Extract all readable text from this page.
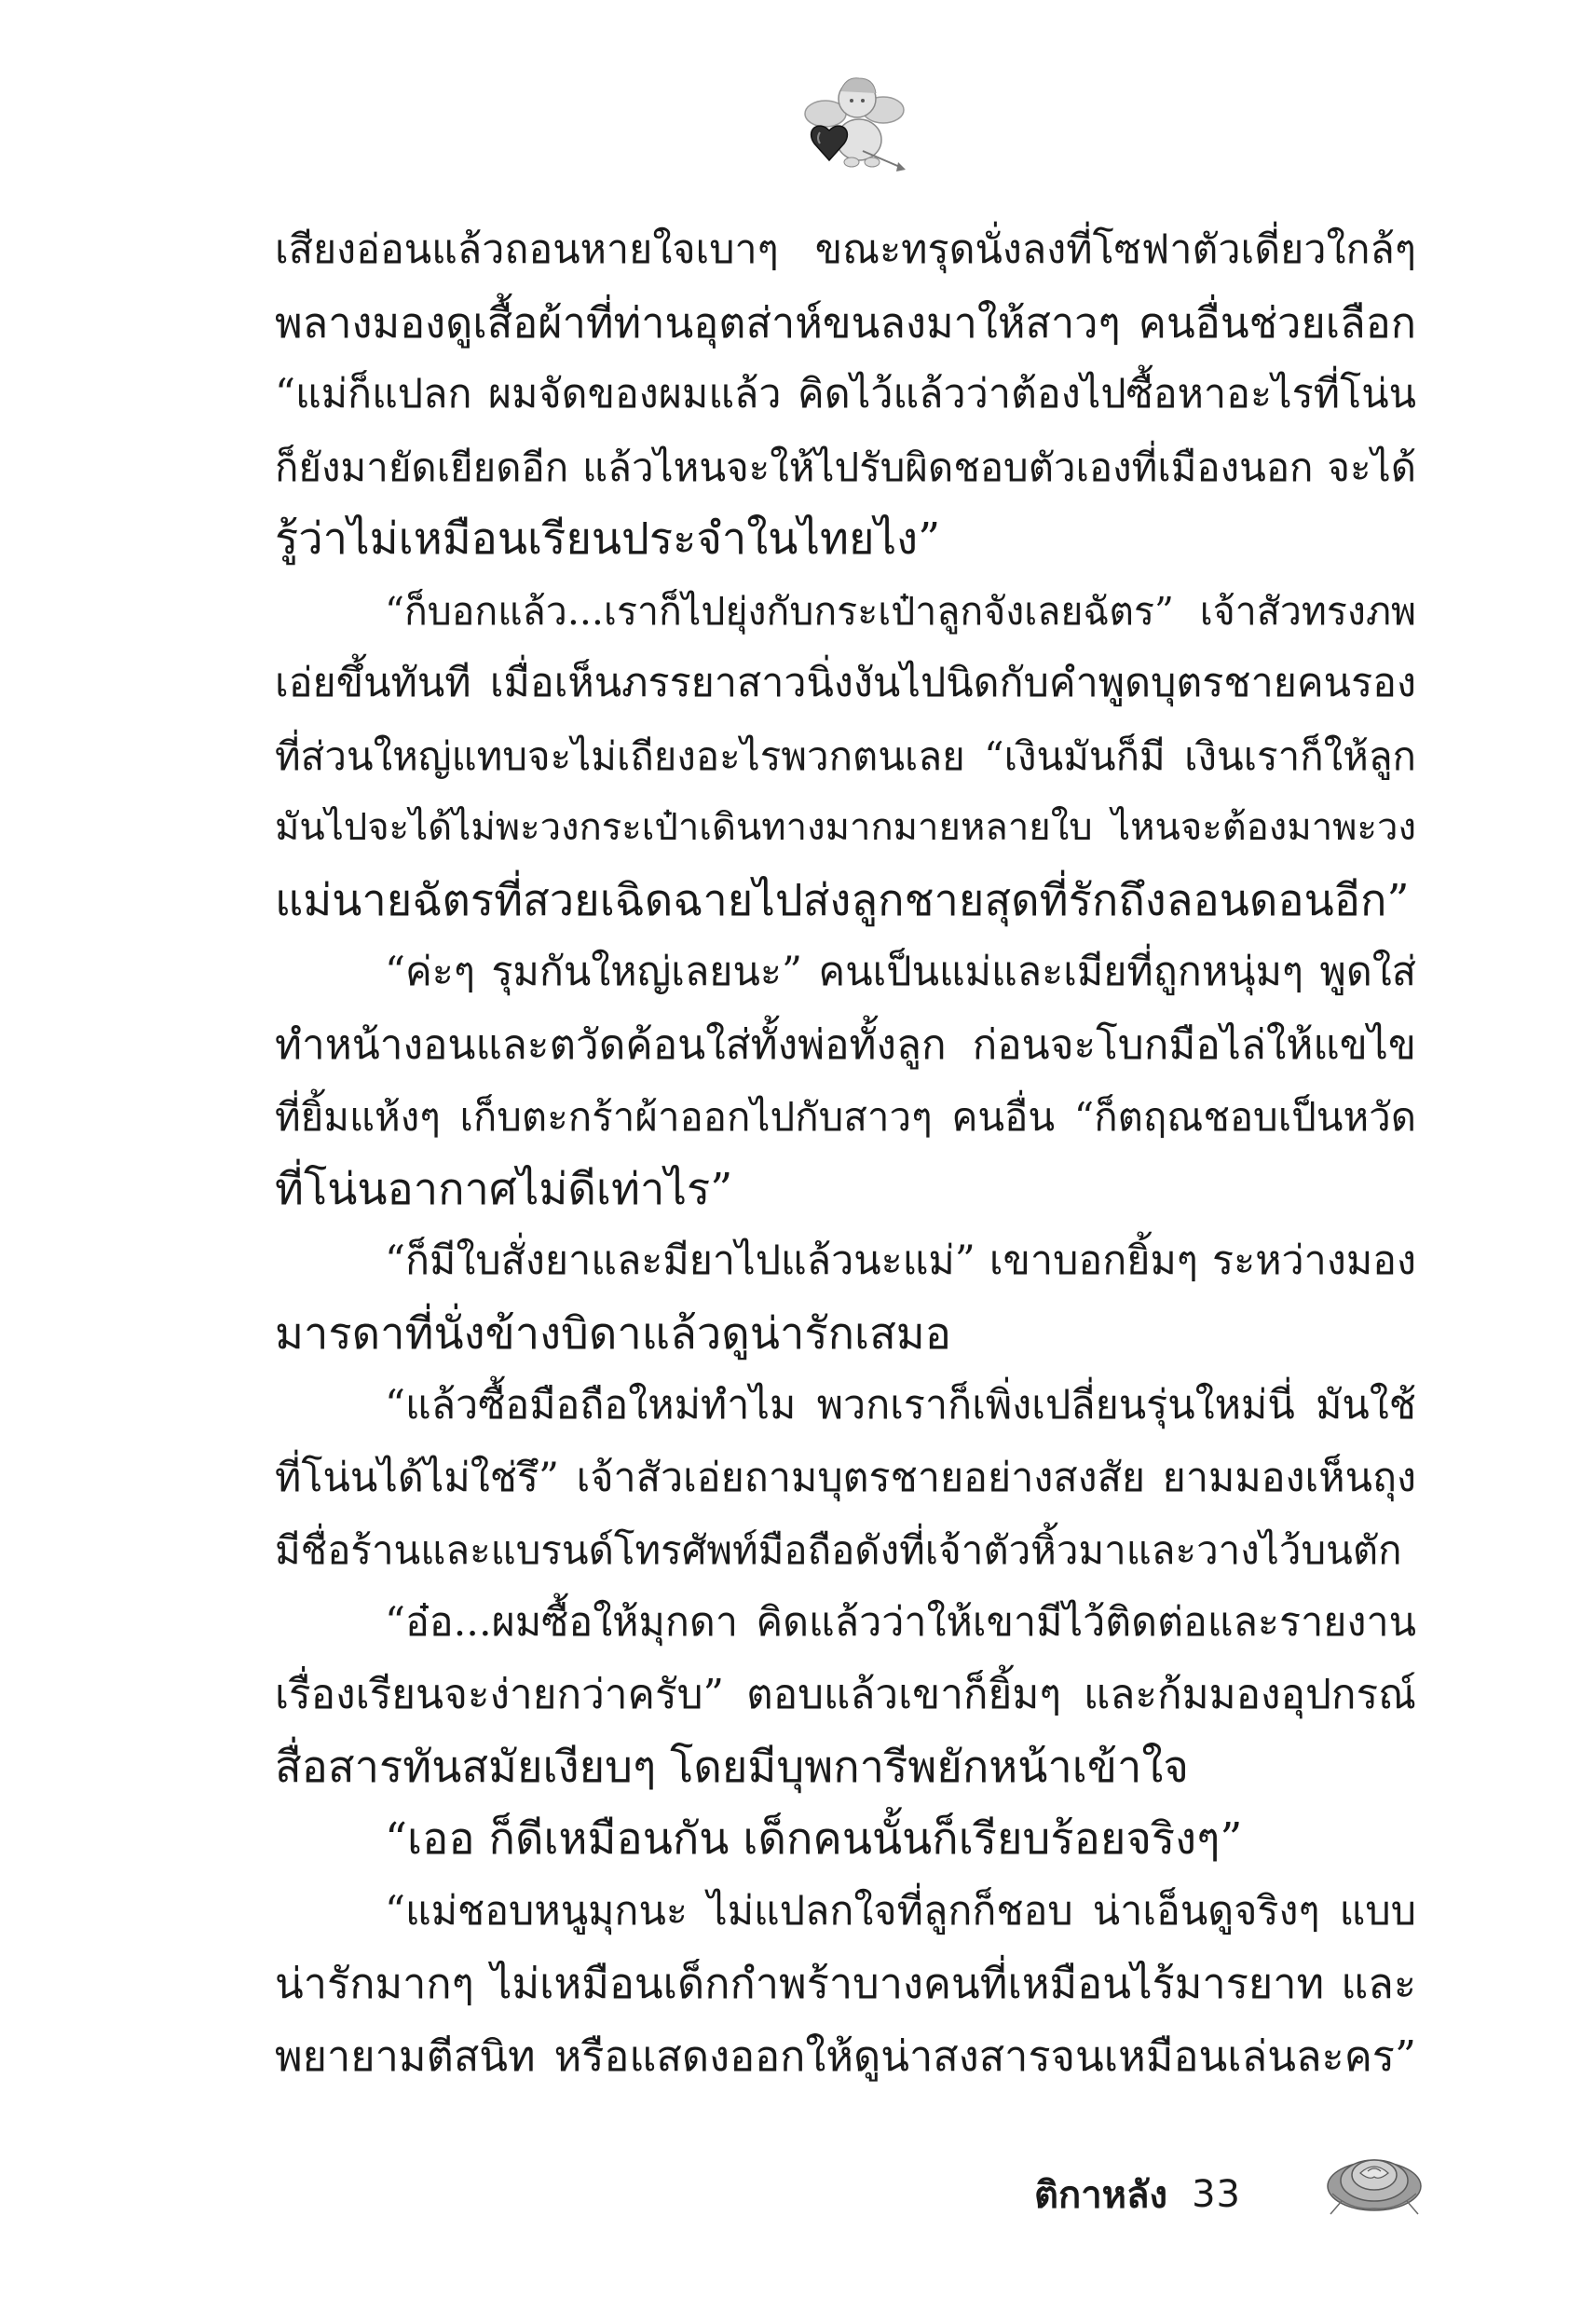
เสียงอ่อนแล้วถอนหายใจเบาๆ ขณะทรุดนั่งลงที่โซฟาตัวเดี่ยวใกล้ๆ
พลางมองดูเสื้อผ้าที่ท่านอุตส่าห์ขนลงมาให้สาวๆ คนอื่นช่วยเลือก
“แม่ก็แปลก ผมจัดของผมแล้ว คิดไว้แล้วว่าต้องไปซื้อหาอะไรที่โน่น
ก็ยังมายัดเยียดอีก แล้วไหนจะให้ไปรับผิดชอบตัวเองที่เมืองนอก จะได้
รู้ว่าไม่เหมือนเรียนประจำในไทยไง”
“ก็บอกแล้ว...เราก็ไปยุ่งกับกระเป๋าลูกจังเลยฉัตร” เจ้าสัวทรงภพ
เอ่ยขึ้นทันที เมื่อเห็นภรรยาสาวนิ่งงันไปนิดกับคำพูดบุตรชายคนรอง
ที่ส่วนใหญ่แทบจะไม่เถียงอะไรพวกตนเลย “เงินมันก็มี เงินเราก็ให้ลูก
มันไปจะได้ไม่พะวงกระเป๋าเดินทางมากมายหลายใบ ไหนจะต้องมาพะวง
แม่นายฉัตรที่สวยเฉิดฉายไปส่งลูกชายสุดที่รักถึงลอนดอนอีก”
“ค่ะๆ รุมกันใหญ่เลยนะ” คนเป็นแม่และเมียที่ถูกหนุ่มๆ พูดใส่
ทำหน้างอนและตวัดค้อนใส่ทั้งพ่อทั้งลูก ก่อนจะโบกมือไล่ให้แขไข
ที่ยิ้มแห้งๆ เก็บตะกร้าผ้าออกไปกับสาวๆ คนอื่น “ก็ตฤณชอบเป็นหวัด
ที่โน่นอากาศไม่ดีเท่าไร”
“ก็มีใบสั่งยาและมียาไปแล้วนะแม่” เขาบอกยิ้มๆ ระหว่างมอง
มารดาที่นั่งข้างบิดาแล้วดูน่ารักเสมอ
“แล้วซื้อมือถือใหม่ทำไม พวกเราก็เพิ่งเปลี่ยนรุ่นใหม่นี่ มันใช้
ที่โน่นได้ไม่ใช่รึ” เจ้าสัวเอ่ยถามบุตรชายอย่างสงสัย ยามมองเห็นถุง
มีชื่อร้านและแบรนด์โทรศัพท์มือถือดังที่เจ้าตัวหิ้วมาและวางไว้บนตัก
“อ๋อ...ผมซื้อให้มุกดา คิดแล้วว่าให้เขามีไว้ติดต่อและรายงาน
เรื่องเรียนจะง่ายกว่าครับ” ตอบแล้วเขาก็ยิ้มๆ และก้มมองอุปกรณ์
สื่อสารทันสมัยเงียบๆ โดยมีบุพการีพยักหน้าเข้าใจ
“เออ ก็ดีเหมือนกัน เด็กคนนั้นก็เรียบร้อยจริงๆ”
“แม่ชอบหนูมุกนะ ไม่แปลกใจที่ลูกก็ชอบ น่าเอ็นดูจริงๆ แบบ
น่ารักมากๆ ไม่เหมือนเด็กกำพร้าบางคนที่เหมือนไร้มารยาท และ
พยายามตีสนิท หรือแสดงออกให้ดูน่าสงสารจนเหมือนเล่นละคร”
ติกาหลัง 33
